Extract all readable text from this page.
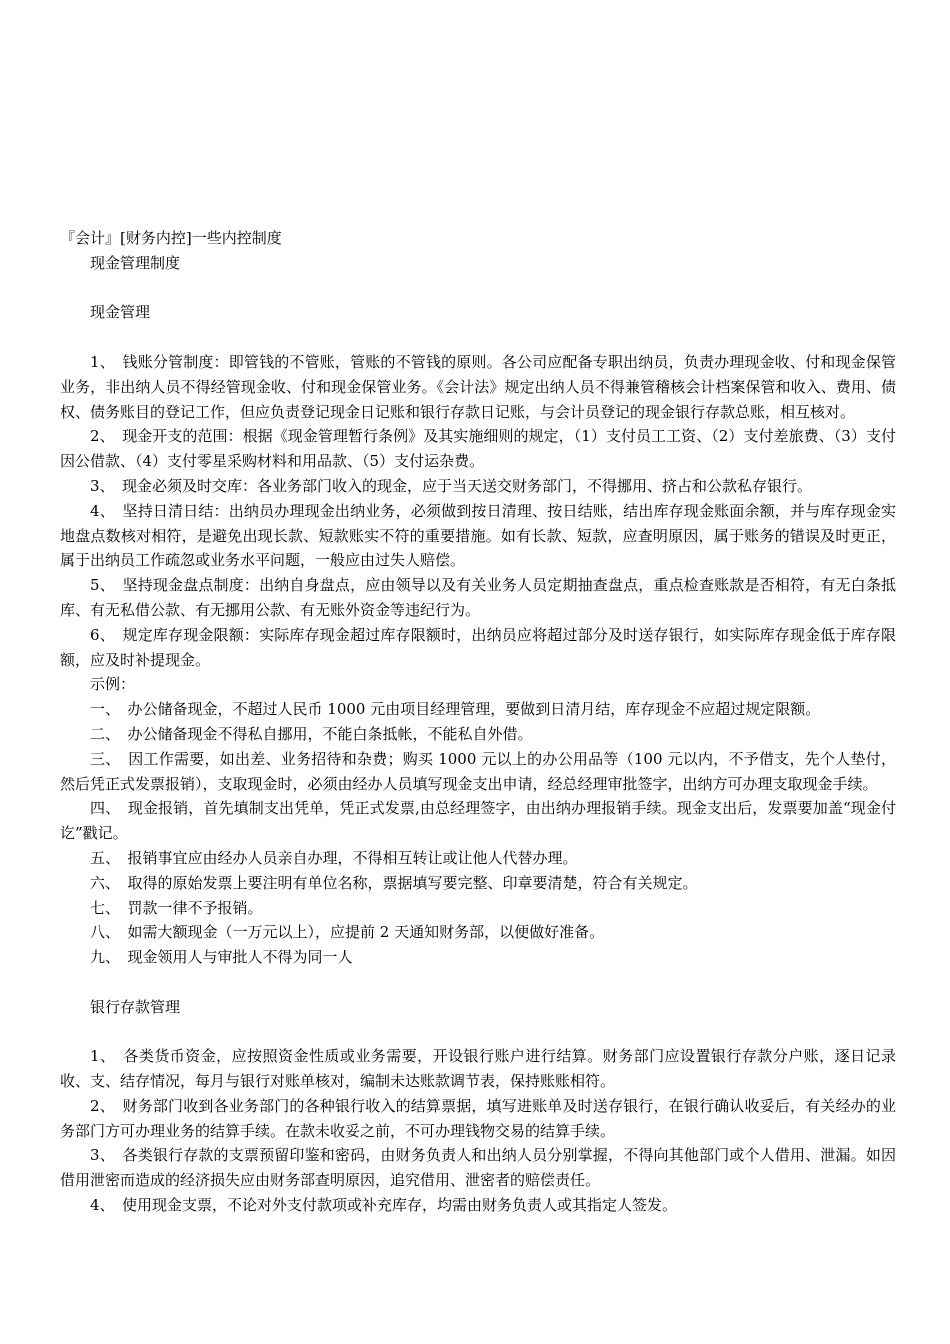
『会计』[财务内控]一些内控制度

现金管理制度

现金管理

1、　钱账分管制度：即管钱的不管账，管账的不管钱的原则。各公司应配备专职出纳员，负责办理现金收、付和现金保管业务，非出纳人员不得经管现金收、付和现金保管业务。《会计法》规定出纳人员不得兼管稽核会计档案保管和收入、费用、债权、债务账目的登记工作，但应负责登记现金日记账和银行存款日记账，与会计员登记的现金银行存款总账，相互核对。

2、　现金开支的范围：根据《现金管理暂行条例》及其实施细则的规定，（1）支付员工工资、（2）支付差旅费、（3）支付因公借款、（4）支付零星采购材料和用品款、（5）支付运杂费。

3、　现金必须及时交库：各业务部门收入的现金，应于当天送交财务部门，不得挪用、挤占和公款私存银行。

4、　坚持日清日结：出纳员办理现金出纳业务，必须做到按日清理、按日结账，结出库存现金账面余额，并与库存现金实地盘点数核对相符，是避免出现长款、短款账实不符的重要措施。如有长款、短款，应查明原因，属于账务的错误及时更正，属于出纳员工作疏忽或业务水平问题，一般应由过失人赔偿。

5、　坚持现金盘点制度：出纳自身盘点，应由领导以及有关业务人员定期抽查盘点，重点检查账款是否相符，有无白条抵库、有无私借公款、有无挪用公款、有无账外资金等违纪行为。

6、　规定库存现金限额：实际库存现金超过库存限额时，出纳员应将超过部分及时送存银行，如实际库存现金低于库存限额，应及时补提现金。

示例：

一、　办公储备现金，不超过人民币 1000 元由项目经理管理，要做到日清月结，库存现金不应超过规定限额。

二、　办公储备现金不得私自挪用，不能白条抵帐，不能私自外借。

三、　因工作需要，如出差、业务招待和杂费；购买 1000 元以上的办公用品等（100 元以内，不予借支，先个人垫付，然后凭正式发票报销），支取现金时，必须由经办人员填写现金支出申请，经总经理审批签字，出纳方可办理支取现金手续。

四、　现金报销，首先填制支出凭单，凭正式发票,由总经理签字，由出纳办理报销手续。现金支出后，发票要加盖“现金付讫”戳记。

五、　报销事宜应由经办人员亲自办理，不得相互转让或让他人代替办理。

六、　取得的原始发票上要注明有单位名称，票据填写要完整、印章要清楚，符合有关规定。

七、　罚款一律不予报销。

八、　如需大额现金（一万元以上），应提前 2 天通知财务部，以便做好准备。

九、　现金领用人与审批人不得为同一人

银行存款管理

1、　各类货币资金，应按照资金性质或业务需要，开设银行账户进行结算。财务部门应设置银行存款分户账，逐日记录收、支、结存情况，每月与银行对账单核对，编制未达账款调节表，保持账账相符。

2、　财务部门收到各业务部门的各种银行收入的结算票据，填写进账单及时送存银行，在银行确认收妥后，有关经办的业务部门方可办理业务的结算手续。在款未收妥之前，不可办理钱物交易的结算手续。

3、　各类银行存款的支票预留印鉴和密码，由财务负责人和出纳人员分别掌握，不得向其他部门或个人借用、泄漏。如因借用泄密而造成的经济损失应由财务部查明原因，追究借用、泄密者的赔偿责任。

4、　使用现金支票，不论对外支付款项或补充库存，均需由财务负责人或其指定人签发。
